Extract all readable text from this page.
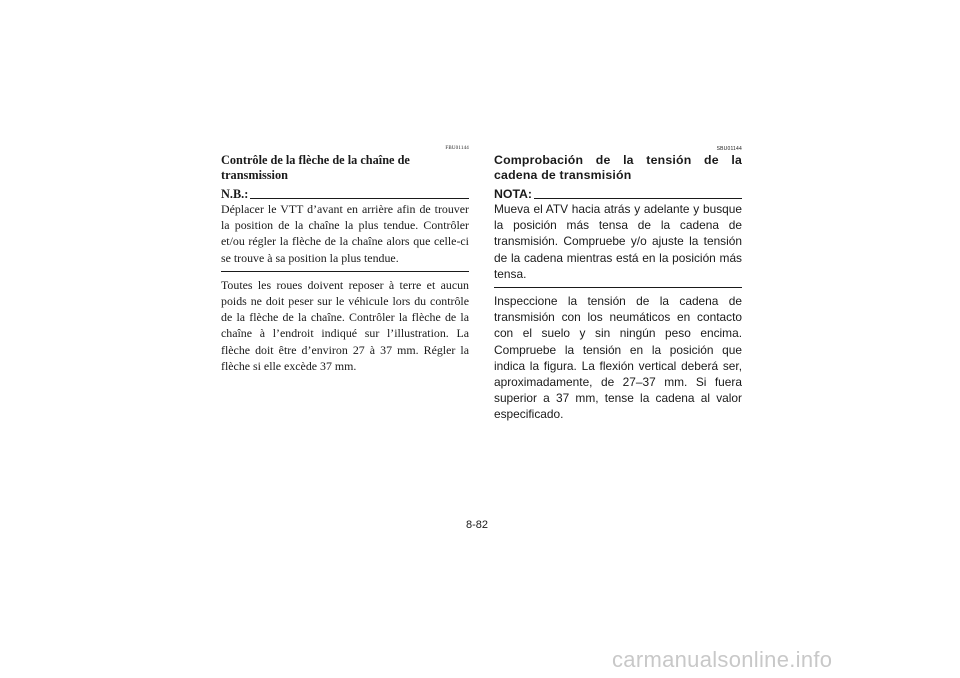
FBU01144
Contrôle de la flèche de la chaîne de transmission
N.B.:

Déplacer le VTT d’avant en arrière afin de trouver la position de la chaîne la plus tendue. Contrôler et/ou régler la flèche de la chaîne alors que celle-ci se trouve à sa position la plus tendue.

Toutes les roues doivent reposer à terre et aucun poids ne doit peser sur le véhicule lors du contrôle de la flèche de la chaîne. Contrôler la flèche de la chaîne à l’endroit indiqué sur l’illustration. La flèche doit être d’environ 27 à 37 mm. Régler la flèche si elle excède 37 mm.

SBU01144
Comprobación de la tensión de la cadena de transmisión
NOTA:

Mueva el ATV hacia atrás y adelante y busque la posición más tensa de la cadena de transmisión. Compruebe y/o ajuste la tensión de la cadena mientras está en la posición más tensa.

Inspeccione la tensión de la cadena de transmisión con los neumáticos en contacto con el suelo y sin ningún peso encima. Compruebe la tensión en la posición que indica la figura. La flexión vertical deberá ser, aproximadamente, de 27–37 mm. Si fuera superior a 37 mm, tense la cadena al valor especificado.

8-82
carmanualsonline.info
